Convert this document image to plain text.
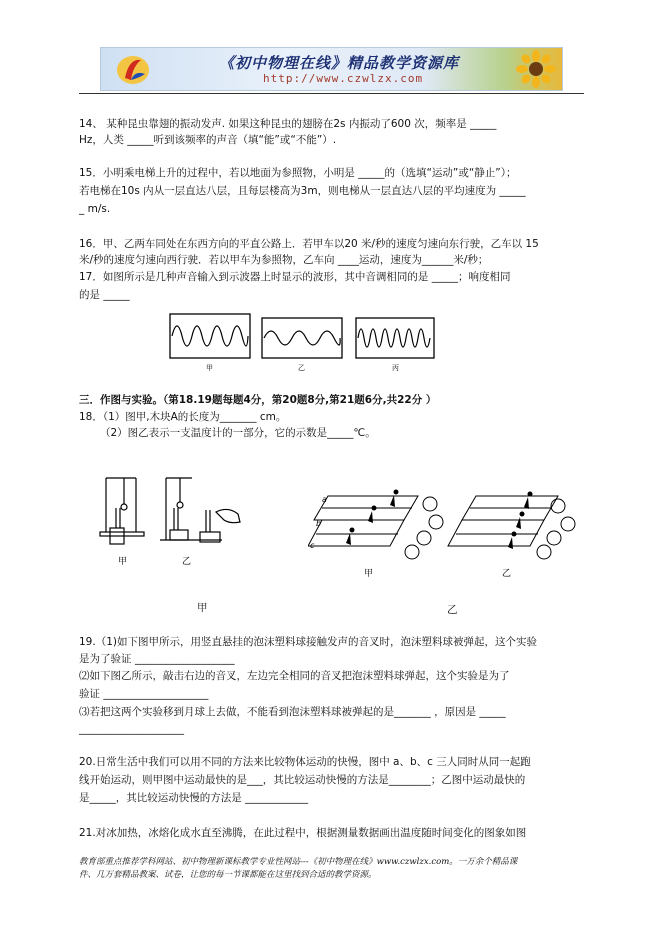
《初中物理在线》精品教学资源库
http://www.czwlzx.com
14、 某种昆虫靠翅的振动发声. 如果这种昆虫的翅膀在2s 内振动了600 次，频率是 _____
Hz，人类 _____听到该频率的声音（填“能”或“不能”）.
15．小明乘电梯上升的过程中，若以地面为参照物，小明是 _____的（选填“运动”或“静止”）；
若电梯在10s 内从一层直达八层，且每层楼高为3m，则电梯从一层直达八层的平均速度为 _____
_ m/s.
16．甲、乙两车同处在东西方向的平直公路上．若甲车以20 米/秒的速度匀速向东行驶，乙车以 15
米/秒的速度匀速向西行驶．若以甲车为参照物，乙车向 ____运动，速度为______米/秒；
17．如图所示是几种声音输入到示波器上时显示的波形，其中音调相同的是 _____；响度相同
的是 _____
甲	乙	丙
三．作图与实验。（第18.19题每题4分，第20题8分,第21题6分,共22分 ）
18．（1）图甲,木块A的长度为_______ cm。
（2）图乙表示一支温度计的一部分，它的示数是_____℃。
甲	乙
a
b
c
甲	乙
甲	乙
19.（1)如下图甲所示，用竖直悬挂的泡沫塑料球接触发声的音叉时，泡沫塑料球被弹起，这个实验
是为了验证 ___________________
⑵如下图乙所示，敲击右边的音叉，左边完全相同的音叉把泡沫塑料球弹起，这个实验是为了
验证 ____________________
⑶若把这两个实验移到月球上去做，不能看到泡沫塑料球被弹起的是_______ ，原因是 _____
____________________
20.日常生活中我们可以用不同的方法来比较物体运动的快慢，图中 a、b、c 三人同时从同一起跑
线开始运动，则甲图中运动最快的是___，其比较运动快慢的方法是________；乙图中运动最快的
是_____，其比较运动快慢的方法是 ____________
21.对冰加热，冰熔化成水直至沸腾，在此过程中，根据测量数据画出温度随时间变化的图象如图
教育部重点推荐学科网站、初中物理新课标教学专业性网站---《初中物理在线》www.czwlzx.com。一万余个精品课
件、几万套精品教案、试卷，让您的每一节课都能在这里找到合适的教学资源。
